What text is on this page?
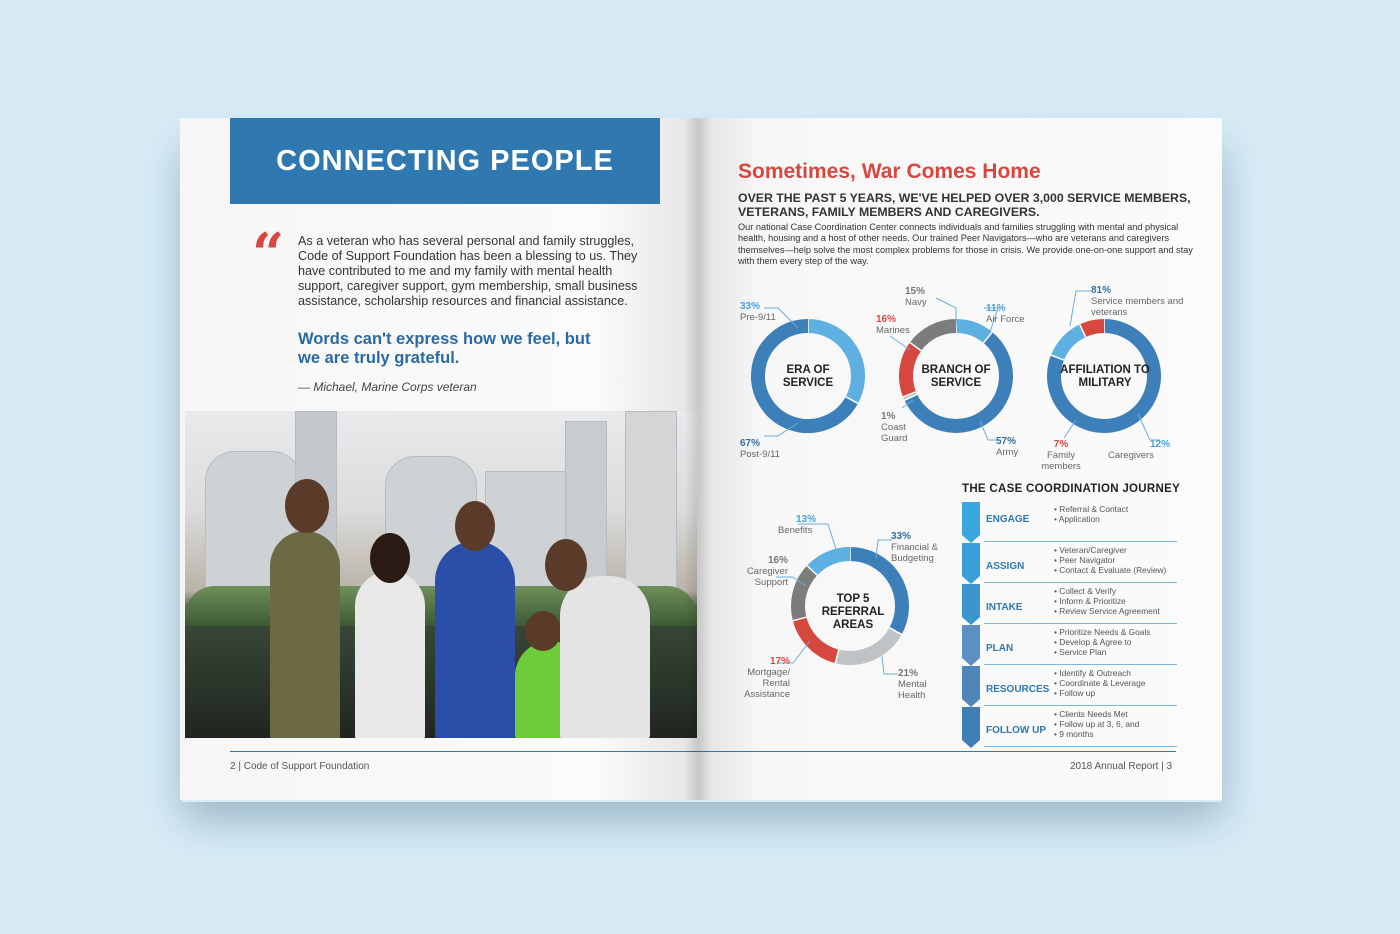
CONNECTING PEOPLE
“ As a veteran who has several personal and family struggles, Code of Support Foundation has been a blessing to us. They have contributed to me and my family with mental health support, caregiver support, gym membership, small business assistance, scholarship resources and financial assistance.
Words can't express how we feel, but we are truly grateful.
— Michael, Marine Corps veteran
2 | Code of Support Foundation
Sometimes, War Comes Home
OVER THE PAST 5 YEARS, WE'VE HELPED OVER 3,000 SERVICE MEMBERS, VETERANS, FAMILY MEMBERS AND CAREGIVERS.
Our national Case Coordination Center connects individuals and families struggling with mental and physical health, housing and a host of other needs. Our trained Peer Navigators—who are veterans and caregivers themselves—help solve the most complex problems for those in crisis. We provide one-on-one support and stay with them every step of the way.
ERA OF SERVICE
BRANCH OF SERVICE
AFFILIATION TO MILITARY
TOP 5 REFERRAL AREAS
33%
Pre-9/11
67%
Post-9/11
15%
Navy
11%
Air Force
16%
Marines
1%
Coast Guard	57%
Army
81%
Service members and veterans
7%
Family members
12%
Caregivers
13%
Benefits
33%
Financial & Budgeting
16%
Caregiver Support
17%
Mortgage/ Rental Assistance
21%
Mental Health
THE CASE COORDINATION JOURNEY
ENGAGE
• Referral & Contact
• Application
ASSIGN
• Veteran/Caregiver
• Peer Navigator
• Contact & Evaluate (Review)
INTAKE
• Collect & Verify
• Inform & Prioritize
• Review Service Agreement
PLAN
• Prioritize Needs & Goals
• Develop & Agree to
• Service Plan
RESOURCES
• Identify & Outreach
• Coordinate & Leverage
• Follow up
FOLLOW UP
• Clients Needs Met
• Follow up at 3, 6, and
• 9 months
2018 Annual Report | 3
